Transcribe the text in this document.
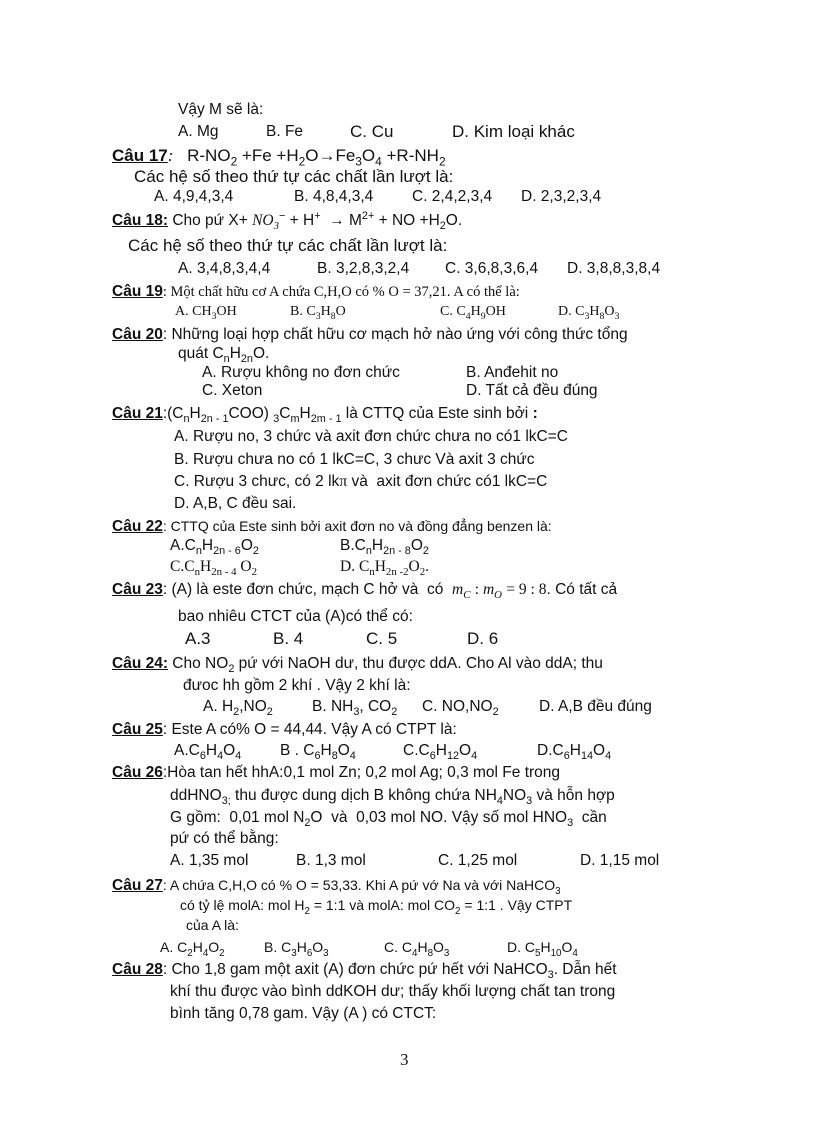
Vậy M sẽ là:
A. Mg	B. Fe	C. Cu	D. Kim loại khác
Câu 17:   $R-NO_2 +Fe +H_2O\to Fe_3O_4 +R-NH_2$
Các hệ số theo thứ tự các chất lần lượt là:
A. 4,9,4,3,4	B. 4,8,4,3,4 C. 2,4,2,3,4 D. 2,3,2,3,4
Câu 18: Cho pứ $X+ NO_3^- + H^+ \to M^{2+}$ + NO $+H_2O$.
Các hệ số theo thứ tự các chất lần lượt là:
A. 3,4,8,3,4,4	B. 3,2,8,3,2,4 C. 3,6,8,3,6,4 D. 3,8,8,3,8,4
Câu 19: Một chất hữu cơ A chứa C,H,O có % O = 37,21. A có thể là:
A. $CH_3OH$	B. $C_3H_8O$	C. $C_4H_9OH$	D. $C_3H_8O_3$
Câu 20: Những loại hợp chất hữu cơ mạch hở nào ứng với công thức tổng
quát $C_nH_{2n}O$.
A. Rượu không no đơn chức	B. Anđehit no
C. Xeton	D. Tất cả đều đúng
Câu $21:(C_nH_{2n - 1}COO)$ $_3C_mH_{2m - 1}$ là CTTQ của Este sinh bởi :
A. Rượu no, 3 chức và axit đơn chức chưa no có1 lkC=C
B. Rượu chưa no có 1 lkC=C, 3 chưc Và axit 3 chức
C. Rượu 3 chưc, có 2 lkπ và  axit đơn chức có1 lkC=C
D. A,B, C đều sai.
Câu 22: CTTQ của Este sinh bởi axit đơn no và đồng đẳng benzen là:
$A.C_nH_{2n - 6}O_2$	$B.C_nH_{2n - 8}O_2$
$C.C_nH_{2n - 4}$ $O_2$	D. $C_nH_{2n -2}O_2$.
Câu 23: (A) là este đơn chức, mạch C hở và  có  $m_C$ : $m_O = 9$ : 8. Có tất cả
bao nhiêu CTCT của (A)có thể có:
A.3	B. 4	C. 5	D. 6
Câu 24: Cho $NO_2$ pứ với NaOH dư, thu được ddA. Cho Al vào ddA; thu
đưoc hh gồm 2 khí . Vậy 2 khí là:
A. $H_2,NO_2$	B. $NH_3$, $CO_2$ C. $NO,NO_2$	D. A,B đều đúng
Câu 25: Este A có% O = 44,44. Vậy A có CTPT là:
$A.C_6H_4O_4$	B . $C_6H_8O_4$	$C.C_6H_{12}O_4$	$D.C_6H_{14}O_4$
Câu 26:Hòa tan hết hhA:0,1 mol Zn; 0,2 mol Ag; 0,3 mol Fe trong
ddHNO$_{3;}$ thu được dung dịch B không chứa $NH_4NO_3$ và hỗn hợp
G gồm:  0,01 mol $N_2O$  và  0,03 mol NO. Vậy số mol $HNO_3$  cần
pứ có thể bằng:
A. 1,35 mol	B. 1,3 mol	C. 1,25 mol	D. 1,15 mol
Câu 27: A chứa C,H,O có % O = 53,33. Khi A pứ vớ Na và với NaHCO$_3$
có tỷ lệ molA: mol $H_2$ = 1:1 và molA: mol $CO_2$ = 1:1 . Vậy CTPT
của A là:
A. $C_2H_4O_2$	B. $C_3H_6O_3$	C. $C_4H_8O_3$	D. $C_5H_{10}O_4$
Câu 28: Cho 1,8 gam một axit (A) đơn chức pứ hết với NaHCO$_3$. Dẫn hết
khí thu được vào bình ddKOH dư; thấy khối lượng chất tan trong
bình tăng 0,78 gam. Vậy (A ) có CTCT:
3
